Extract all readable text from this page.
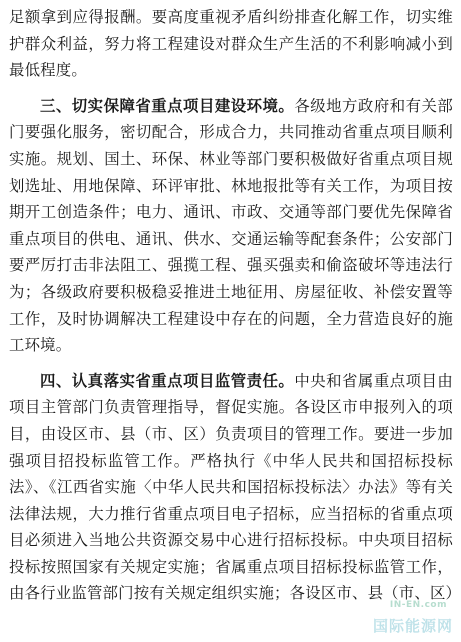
足额拿到应得报酬。要高度重视矛盾纠纷排查化解工作，切实维
护群众利益，努力将工程建设对群众生产生活的不利影响减小到
最低程度。
三、切实保障省重点项目建设环境。各级地方政府和有关部
门要强化服务，密切配合，形成合力，共同推动省重点项目顺利
实施。规划、国土、环保、林业等部门要积极做好省重点项目规
划选址、用地保障、环评审批、林地报批等有关工作，为项目按
期开工创造条件；电力、通讯、市政、交通等部门要优先保障省
重点项目的供电、通讯、供水、交通运输等配套条件；公安部门
要严厉打击非法阻工、强揽工程、强买强卖和偷盗破坏等违法行
为；各级政府要积极稳妥推进土地征用、房屋征收、补偿安置等
工作，及时协调解决工程建设中存在的问题，全力营造良好的施
工环境。
四、认真落实省重点项目监管责任。中央和省属重点项目由
项目主管部门负责管理指导，督促实施。各设区市申报列入的项
目，由设区市、县（市、区）负责项目的管理工作。要进一步加
强项目招投标监管工作。严格执行《中华人民共和国招标投标
法》、《江西省实施〈中华人民共和国招标投标法〉办法》等有关
法律法规，大力推行省重点项目电子招标，应当招标的省重点项
目必须进入当地公共资源交易中心进行招标投标。中央项目招标
投标按照国家有关规定实施；省属重点项目招标投标监管工作，
由各行业监管部门按有关规定组织实施；各设区市、县（市、区）
IN-EN.com
国际能源网
